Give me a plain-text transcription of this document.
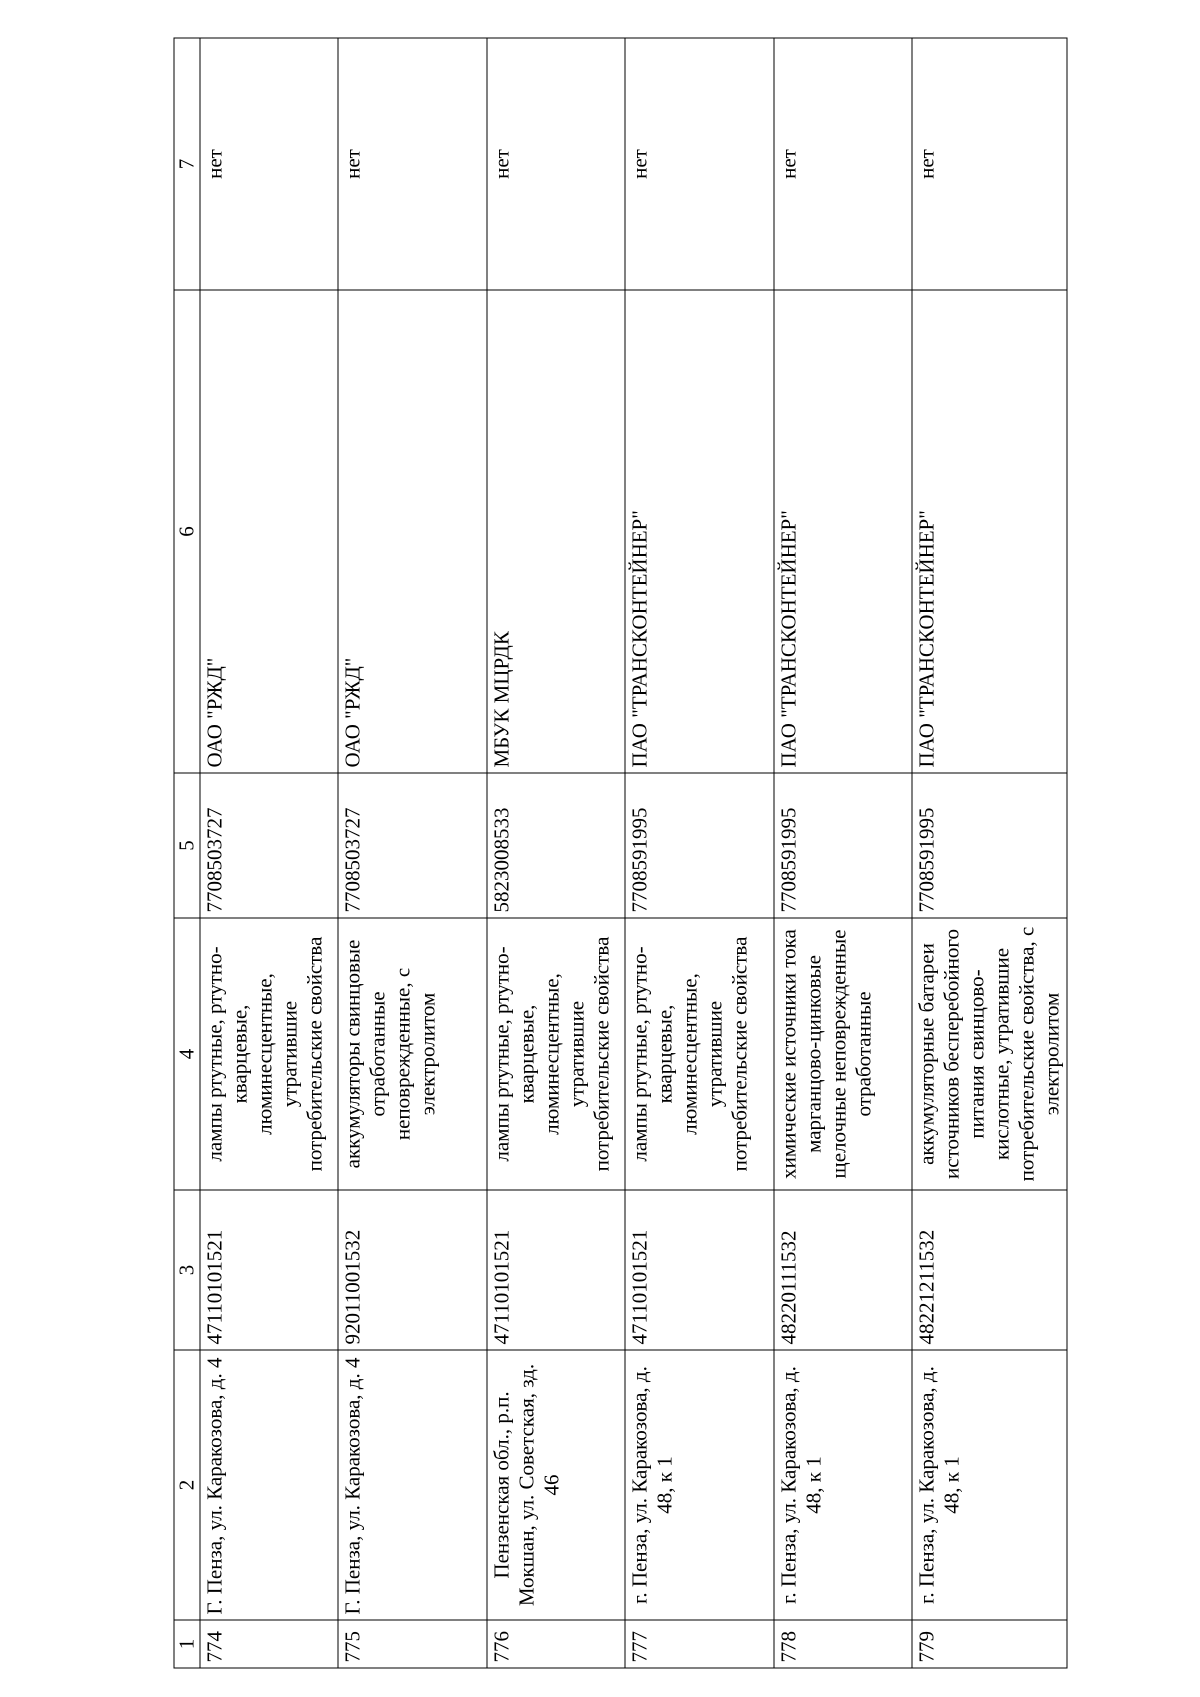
1	2	3	4	5	6	7
774	Г. Пенза, ул. Каракозова, д. 4	47110101521	лампы ртутные, ртутно-кварцевые, люминесцентные, утратившие потребительские свойства	7708503727	ОАО "РЖД"	нет
775	Г. Пенза, ул. Каракозова, д. 4	92011001532	аккумуляторы свинцовые отработанные неповрежденные, с электролитом	7708503727	ОАО "РЖД"	нет
776	Пензенская обл., р.п. Мокшан, ул. Советская, зд. 46	47110101521	лампы ртутные, ртутно-кварцевые, люминесцентные, утратившие потребительские свойства	5823008533	МБУК МЦРДК	нет
777	г. Пенза, ул. Каракозова, д. 48, к 1	47110101521	лампы ртутные, ртутно-кварцевые, люминесцентные, утратившие потребительские свойства	7708591995	ПАО "ТРАНСКОНТЕЙНЕР"	нет
778	г. Пенза, ул. Каракозова, д. 48, к 1	48220111532	химические источники тока марганцово-цинковые щелочные неповрежденные отработанные	7708591995	ПАО "ТРАНСКОНТЕЙНЕР"	нет
779	г. Пенза, ул. Каракозова, д. 48, к 1	48221211532	аккумуляторные батареи источников бесперебойного питания свинцово-кислотные, утратившие потребительские свойства, с электролитом	7708591995	ПАО "ТРАНСКОНТЕЙНЕР"	нет
